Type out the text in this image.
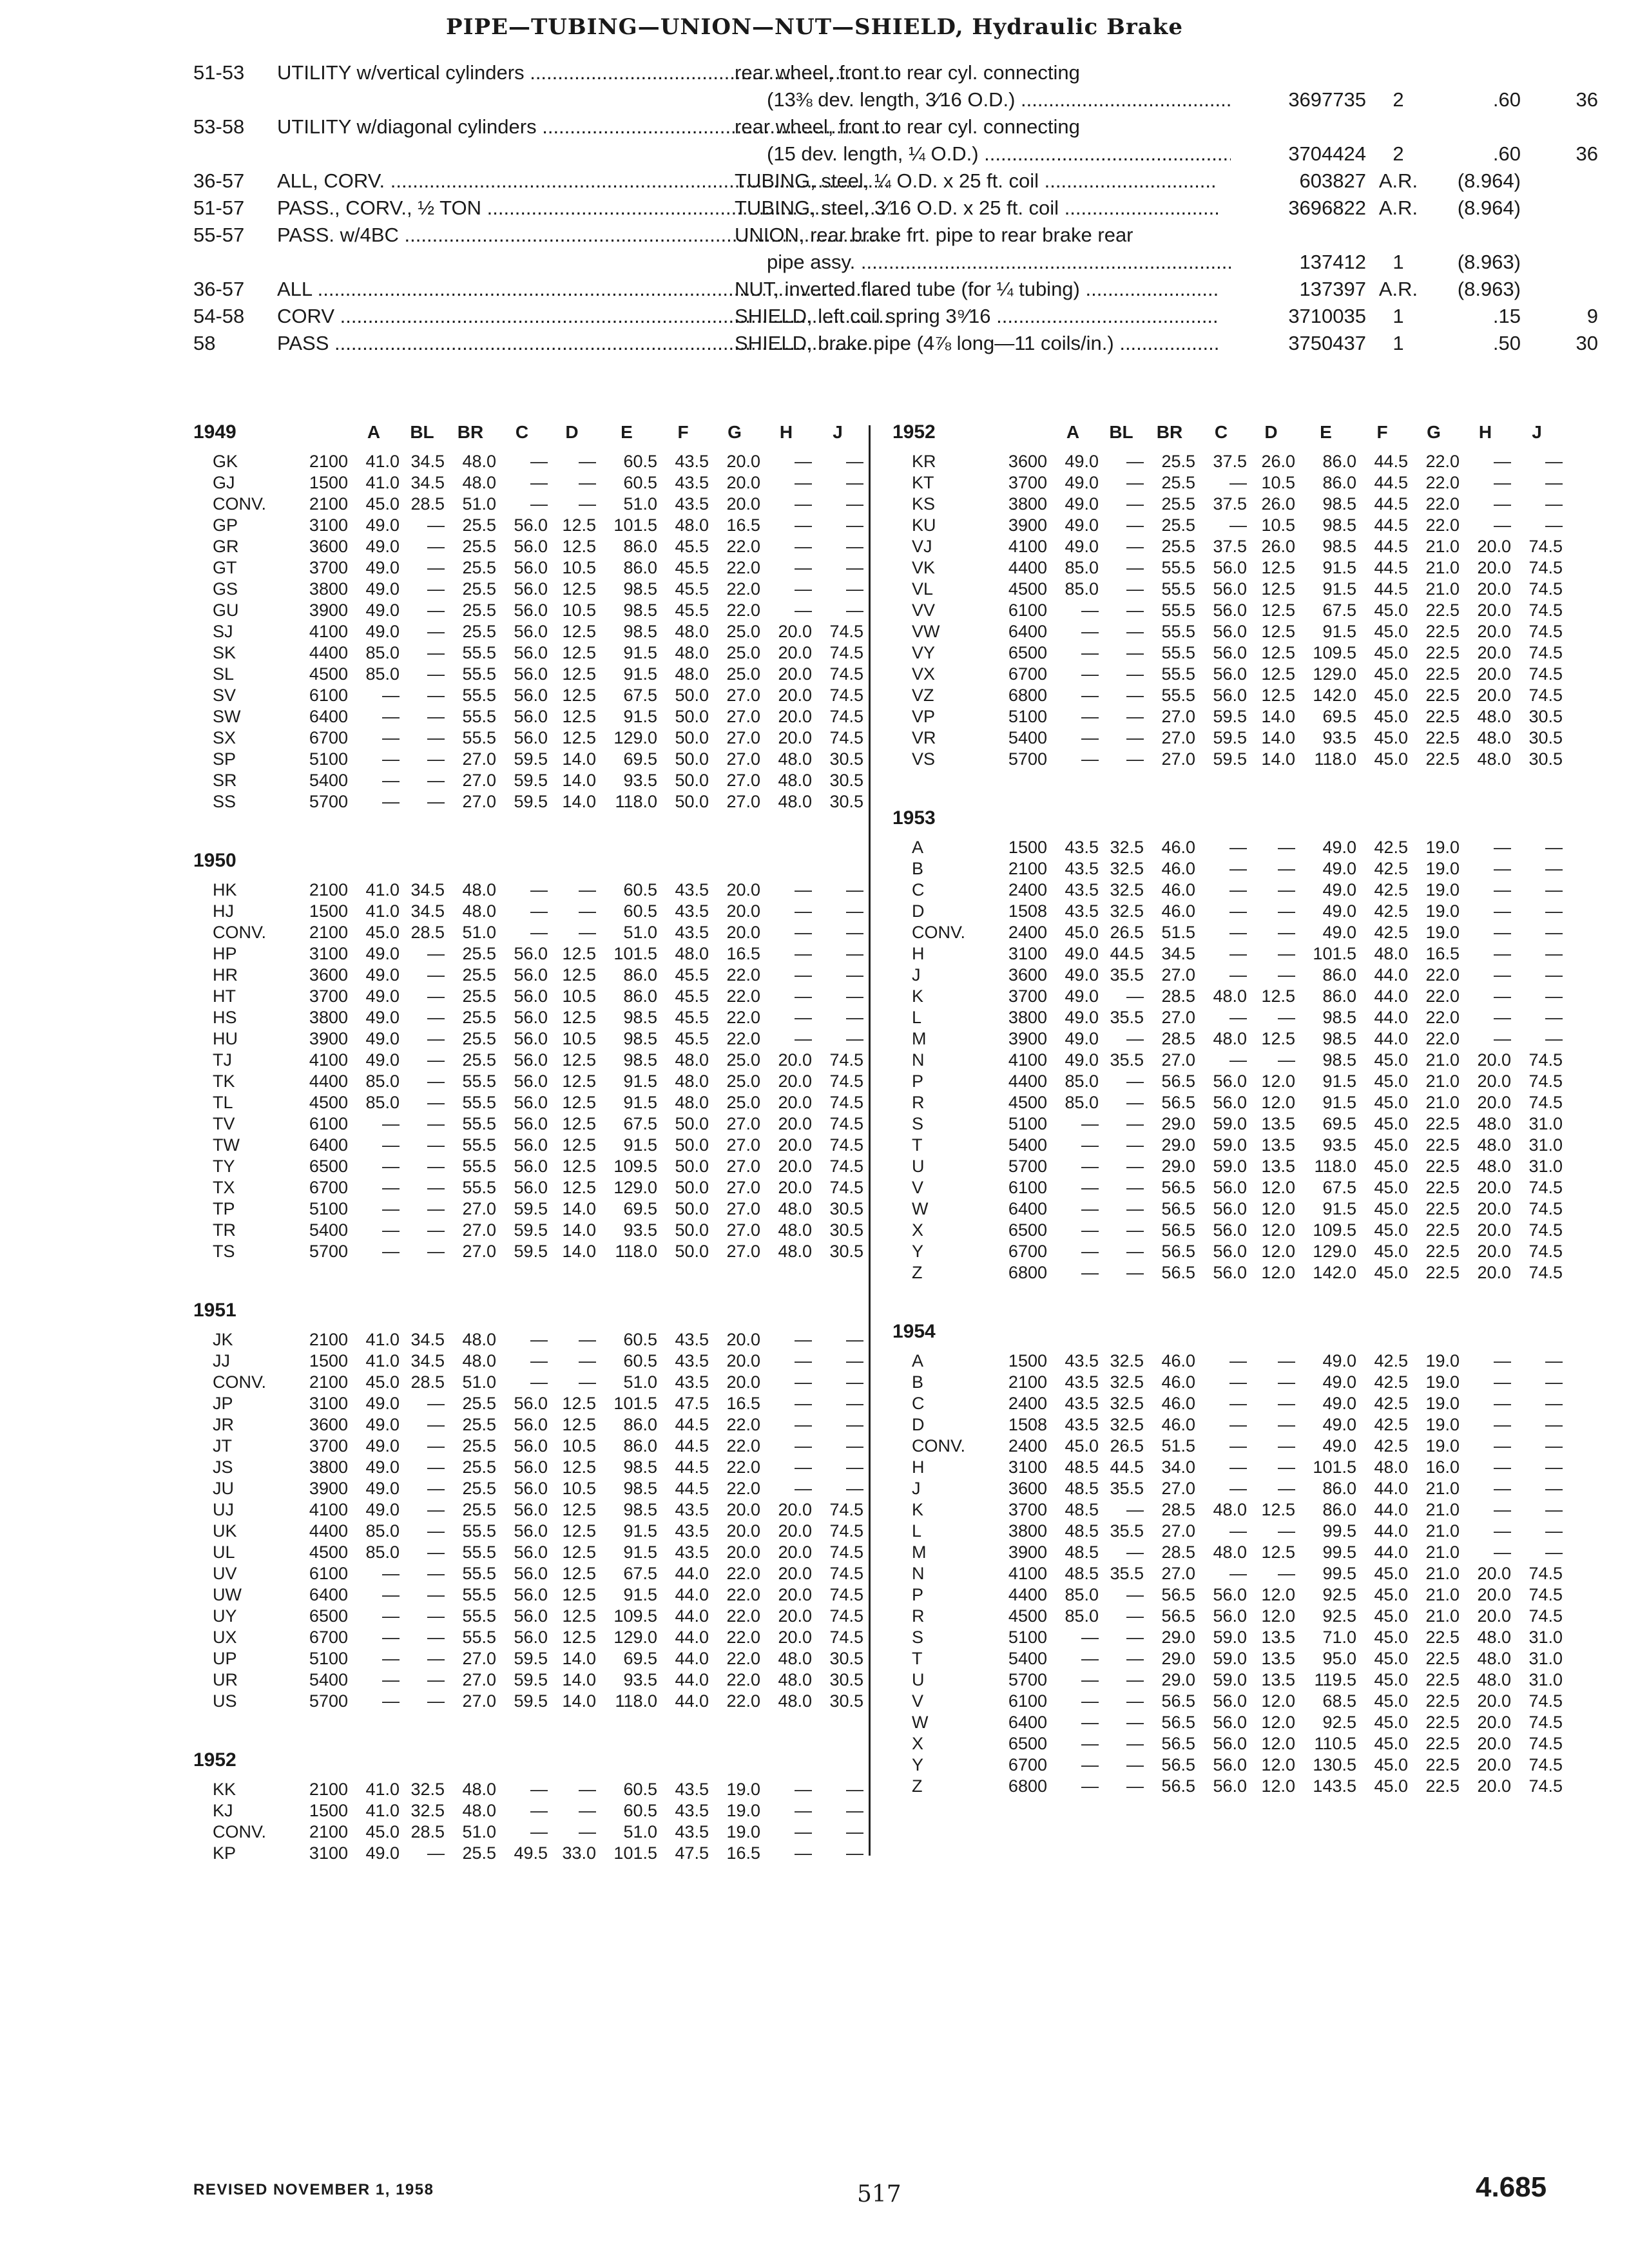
PIPE—TUBING—UNION—NUT—SHIELD, Hydraulic Brake
51-53	UTILITY w/vertical cylinders .....	rear wheel, front to rear cyl. connecting
(13⅜ dev. length, 3⁄16 O.D.) .....	3697735	2	.60	36
53-58	UTILITY w/diagonal cylinders .....	rear wheel, front to rear cyl. connecting
(15 dev. length, ¼ O.D.) .....	3704424	2	.60	36
36-57	ALL, CORV. .....	TUBING, steel, ¼ O.D. x 25 ft. coil .....	603827 A.R.	(8.964)
51-57	PASS., CORV., ½ TON .....	TUBING, steel, 3⁄16 O.D. x 25 ft. coil .....	3696822 A.R.	(8.964)
55-57	PASS. w/4BC .....	UNION, rear brake frt. pipe to rear brake rear
pipe assy. .....	137412	1	(8.963)
36-57	ALL .....	NUT, inverted flared tube (for ¼ tubing) .....	137397 A.R.	(8.963)
54-58	CORV .....	SHIELD, left coil spring 3⁹⁄16 .....	3710035	1	.15	9
58	PASS .....	SHIELD, brake pipe (4⅞ long—11 coils/in.) .....	3750437	1	.50	30
1949		A	BL	BR	C	D	E	F	G	H	J
GK	2100	41.0	34.5	48.0	—	—	60.5	43.5	20.0	—	—
GJ	1500	41.0	34.5	48.0	—	—	60.5	43.5	20.0	—	—
CONV.	2100	45.0	28.5	51.0	—	—	51.0	43.5	20.0	—	—
GP	3100	49.0	—	25.5	56.0	12.5	101.5	48.0	16.5	—	—
GR	3600	49.0	—	25.5	56.0	12.5	86.0	45.5	22.0	—	—
GT	3700	49.0	—	25.5	56.0	10.5	86.0	45.5	22.0	—	—
GS	3800	49.0	—	25.5	56.0	12.5	98.5	45.5	22.0	—	—
GU	3900	49.0	—	25.5	56.0	10.5	98.5	45.5	22.0	—	—
SJ	4100	49.0	—	25.5	56.0	12.5	98.5	48.0	25.0	20.0	74.5
SK	4400	85.0	—	55.5	56.0	12.5	91.5	48.0	25.0	20.0	74.5
SL	4500	85.0	—	55.5	56.0	12.5	91.5	48.0	25.0	20.0	74.5
SV	6100	—	—	55.5	56.0	12.5	67.5	50.0	27.0	20.0	74.5
SW	6400	—	—	55.5	56.0	12.5	91.5	50.0	27.0	20.0	74.5
SX	6700	—	—	55.5	56.0	12.5	129.0	50.0	27.0	20.0	74.5
SP	5100	—	—	27.0	59.5	14.0	69.5	50.0	27.0	48.0	30.5
SR	5400	—	—	27.0	59.5	14.0	93.5	50.0	27.0	48.0	30.5
SS	5700	—	—	27.0	59.5	14.0	118.0	50.0	27.0	48.0	30.5
1950											
HK	2100	41.0	34.5	48.0	—	—	60.5	43.5	20.0	—	—
HJ	1500	41.0	34.5	48.0	—	—	60.5	43.5	20.0	—	—
CONV.	2100	45.0	28.5	51.0	—	—	51.0	43.5	20.0	—	—
HP	3100	49.0	—	25.5	56.0	12.5	101.5	48.0	16.5	—	—
HR	3600	49.0	—	25.5	56.0	12.5	86.0	45.5	22.0	—	—
HT	3700	49.0	—	25.5	56.0	10.5	86.0	45.5	22.0	—	—
HS	3800	49.0	—	25.5	56.0	12.5	98.5	45.5	22.0	—	—
HU	3900	49.0	—	25.5	56.0	10.5	98.5	45.5	22.0	—	—
TJ	4100	49.0	—	25.5	56.0	12.5	98.5	48.0	25.0	20.0	74.5
TK	4400	85.0	—	55.5	56.0	12.5	91.5	48.0	25.0	20.0	74.5
TL	4500	85.0	—	55.5	56.0	12.5	91.5	48.0	25.0	20.0	74.5
TV	6100	—	—	55.5	56.0	12.5	67.5	50.0	27.0	20.0	74.5
TW	6400	—	—	55.5	56.0	12.5	91.5	50.0	27.0	20.0	74.5
TY	6500	—	—	55.5	56.0	12.5	109.5	50.0	27.0	20.0	74.5
TX	6700	—	—	55.5	56.0	12.5	129.0	50.0	27.0	20.0	74.5
TP	5100	—	—	27.0	59.5	14.0	69.5	50.0	27.0	48.0	30.5
TR	5400	—	—	27.0	59.5	14.0	93.5	50.0	27.0	48.0	30.5
TS	5700	—	—	27.0	59.5	14.0	118.0	50.0	27.0	48.0	30.5
1951											
JK	2100	41.0	34.5	48.0	—	—	60.5	43.5	20.0	—	—
JJ	1500	41.0	34.5	48.0	—	—	60.5	43.5	20.0	—	—
CONV.	2100	45.0	28.5	51.0	—	—	51.0	43.5	20.0	—	—
JP	3100	49.0	—	25.5	56.0	12.5	101.5	47.5	16.5	—	—
JR	3600	49.0	—	25.5	56.0	12.5	86.0	44.5	22.0	—	—
JT	3700	49.0	—	25.5	56.0	10.5	86.0	44.5	22.0	—	—
JS	3800	49.0	—	25.5	56.0	12.5	98.5	44.5	22.0	—	—
JU	3900	49.0	—	25.5	56.0	10.5	98.5	44.5	22.0	—	—
UJ	4100	49.0	—	25.5	56.0	12.5	98.5	43.5	20.0	20.0	74.5
UK	4400	85.0	—	55.5	56.0	12.5	91.5	43.5	20.0	20.0	74.5
UL	4500	85.0	—	55.5	56.0	12.5	91.5	43.5	20.0	20.0	74.5
UV	6100	—	—	55.5	56.0	12.5	67.5	44.0	22.0	20.0	74.5
UW	6400	—	—	55.5	56.0	12.5	91.5	44.0	22.0	20.0	74.5
UY	6500	—	—	55.5	56.0	12.5	109.5	44.0	22.0	20.0	74.5
UX	6700	—	—	55.5	56.0	12.5	129.0	44.0	22.0	20.0	74.5
UP	5100	—	—	27.0	59.5	14.0	69.5	44.0	22.0	48.0	30.5
UR	5400	—	—	27.0	59.5	14.0	93.5	44.0	22.0	48.0	30.5
US	5700	—	—	27.0	59.5	14.0	118.0	44.0	22.0	48.0	30.5
1952											
KK	2100	41.0	32.5	48.0	—	—	60.5	43.5	19.0	—	—
KJ	1500	41.0	32.5	48.0	—	—	60.5	43.5	19.0	—	—
CONV.	2100	45.0	28.5	51.0	—	—	51.0	43.5	19.0	—	—
KP	3100	49.0	—	25.5	49.5	33.0	101.5	47.5	16.5	—	—
1952		A	BL	BR	C	D	E	F	G	H	J
KR	3600	49.0	—	25.5	37.5	26.0	86.0	44.5	22.0	—	—
KT	3700	49.0	—	25.5	—	10.5	86.0	44.5	22.0	—	—
KS	3800	49.0	—	25.5	37.5	26.0	98.5	44.5	22.0	—	—
KU	3900	49.0	—	25.5	—	10.5	98.5	44.5	22.0	—	—
VJ	4100	49.0	—	25.5	37.5	26.0	98.5	44.5	21.0	20.0	74.5
VK	4400	85.0	—	55.5	56.0	12.5	91.5	44.5	21.0	20.0	74.5
VL	4500	85.0	—	55.5	56.0	12.5	91.5	44.5	21.0	20.0	74.5
VV	6100	—	—	55.5	56.0	12.5	67.5	45.0	22.5	20.0	74.5
VW	6400	—	—	55.5	56.0	12.5	91.5	45.0	22.5	20.0	74.5
VY	6500	—	—	55.5	56.0	12.5	109.5	45.0	22.5	20.0	74.5
VX	6700	—	—	55.5	56.0	12.5	129.0	45.0	22.5	20.0	74.5
VZ	6800	—	—	55.5	56.0	12.5	142.0	45.0	22.5	20.0	74.5
VP	5100	—	—	27.0	59.5	14.0	69.5	45.0	22.5	48.0	30.5
VR	5400	—	—	27.0	59.5	14.0	93.5	45.0	22.5	48.0	30.5
VS	5700	—	—	27.0	59.5	14.0	118.0	45.0	22.5	48.0	30.5
1953											
A	1500	43.5	32.5	46.0	—	—	49.0	42.5	19.0	—	—
B	2100	43.5	32.5	46.0	—	—	49.0	42.5	19.0	—	—
C	2400	43.5	32.5	46.0	—	—	49.0	42.5	19.0	—	—
D	1508	43.5	32.5	46.0	—	—	49.0	42.5	19.0	—	—
CONV.	2400	45.0	26.5	51.5	—	—	49.0	42.5	19.0	—	—
H	3100	49.0	44.5	34.5	—	—	101.5	48.0	16.5	—	—
J	3600	49.0	35.5	27.0	—	—	86.0	44.0	22.0	—	—
K	3700	49.0	—	28.5	48.0	12.5	86.0	44.0	22.0	—	—
L	3800	49.0	35.5	27.0	—	—	98.5	44.0	22.0	—	—
M	3900	49.0	—	28.5	48.0	12.5	98.5	44.0	22.0	—	—
N	4100	49.0	35.5	27.0	—	—	98.5	45.0	21.0	20.0	74.5
P	4400	85.0	—	56.5	56.0	12.0	91.5	45.0	21.0	20.0	74.5
R	4500	85.0	—	56.5	56.0	12.0	91.5	45.0	21.0	20.0	74.5
S	5100	—	—	29.0	59.0	13.5	69.5	45.0	22.5	48.0	31.0
T	5400	—	—	29.0	59.0	13.5	93.5	45.0	22.5	48.0	31.0
U	5700	—	—	29.0	59.0	13.5	118.0	45.0	22.5	48.0	31.0
V	6100	—	—	56.5	56.0	12.0	67.5	45.0	22.5	20.0	74.5
W	6400	—	—	56.5	56.0	12.0	91.5	45.0	22.5	20.0	74.5
X	6500	—	—	56.5	56.0	12.0	109.5	45.0	22.5	20.0	74.5
Y	6700	—	—	56.5	56.0	12.0	129.0	45.0	22.5	20.0	74.5
Z	6800	—	—	56.5	56.0	12.0	142.0	45.0	22.5	20.0	74.5
1954											
A	1500	43.5	32.5	46.0	—	—	49.0	42.5	19.0	—	—
B	2100	43.5	32.5	46.0	—	—	49.0	42.5	19.0	—	—
C	2400	43.5	32.5	46.0	—	—	49.0	42.5	19.0	—	—
D	1508	43.5	32.5	46.0	—	—	49.0	42.5	19.0	—	—
CONV.	2400	45.0	26.5	51.5	—	—	49.0	42.5	19.0	—	—
H	3100	48.5	44.5	34.0	—	—	101.5	48.0	16.0	—	—
J	3600	48.5	35.5	27.0	—	—	86.0	44.0	21.0	—	—
K	3700	48.5	—	28.5	48.0	12.5	86.0	44.0	21.0	—	—
L	3800	48.5	35.5	27.0	—	—	99.5	44.0	21.0	—	—
M	3900	48.5	—	28.5	48.0	12.5	99.5	44.0	21.0	—	—
N	4100	48.5	35.5	27.0	—	—	99.5	45.0	21.0	20.0	74.5
P	4400	85.0	—	56.5	56.0	12.0	92.5	45.0	21.0	20.0	74.5
R	4500	85.0	—	56.5	56.0	12.0	92.5	45.0	21.0	20.0	74.5
S	5100	—	—	29.0	59.0	13.5	71.0	45.0	22.5	48.0	31.0
T	5400	—	—	29.0	59.0	13.5	95.0	45.0	22.5	48.0	31.0
U	5700	—	—	29.0	59.0	13.5	119.5	45.0	22.5	48.0	31.0
V	6100	—	—	56.5	56.0	12.0	68.5	45.0	22.5	20.0	74.5
W	6400	—	—	56.5	56.0	12.0	92.5	45.0	22.5	20.0	74.5
X	6500	—	—	56.5	56.0	12.0	110.5	45.0	22.5	20.0	74.5
Y	6700	—	—	56.5	56.0	12.0	130.5	45.0	22.5	20.0	74.5
Z	6800	—	—	56.5	56.0	12.0	143.5	45.0	22.5	20.0	74.5
REVISED NOVEMBER 1, 1958	517	4.685
